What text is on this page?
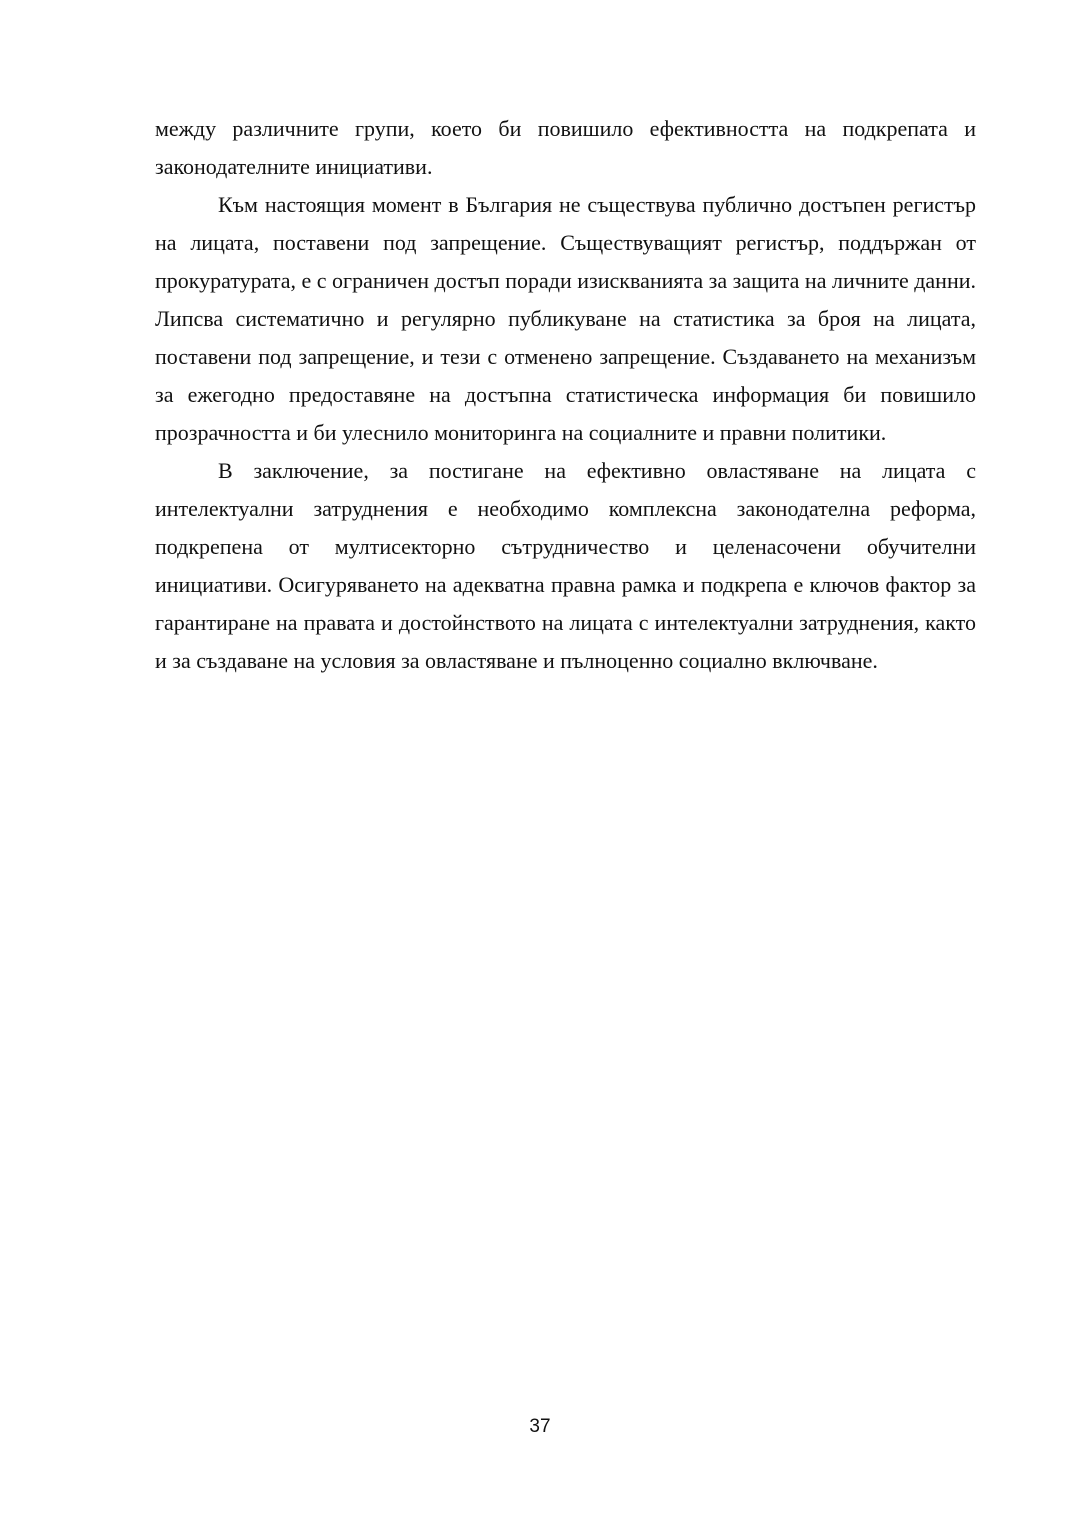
между различните групи, което би повишило ефективността на подкрепата и законодателните инициативи.

Към настоящия момент в България не съществува публично достъпен регистър на лицата, поставени под запрещение. Съществуващият регистър, поддържан от прокуратурата, е с ограничен достъп поради изискванията за защита на личните данни. Липсва систематично и регулярно публикуване на статистика за броя на лицата, поставени под запрещение, и тези с отменено запрещение. Създаването на механизъм за ежегодно предоставяне на достъпна статистическа информация би повишило прозрачността и би улеснило мониторинга на социалните и правни политики.

В заключение, за постигане на ефективно овластяване на лицата с интелектуални затруднения е необходимо комплексна законодателна реформа, подкрепена от мултисекторно сътрудничество и целенасочени обучителни инициативи. Осигуряването на адекватна правна рамка и подкрепа е ключов фактор за гарантиране на правата и достойнството на лицата с интелектуални затруднения, както и за създаване на условия за овластяване и пълноценно социално включване.

37
